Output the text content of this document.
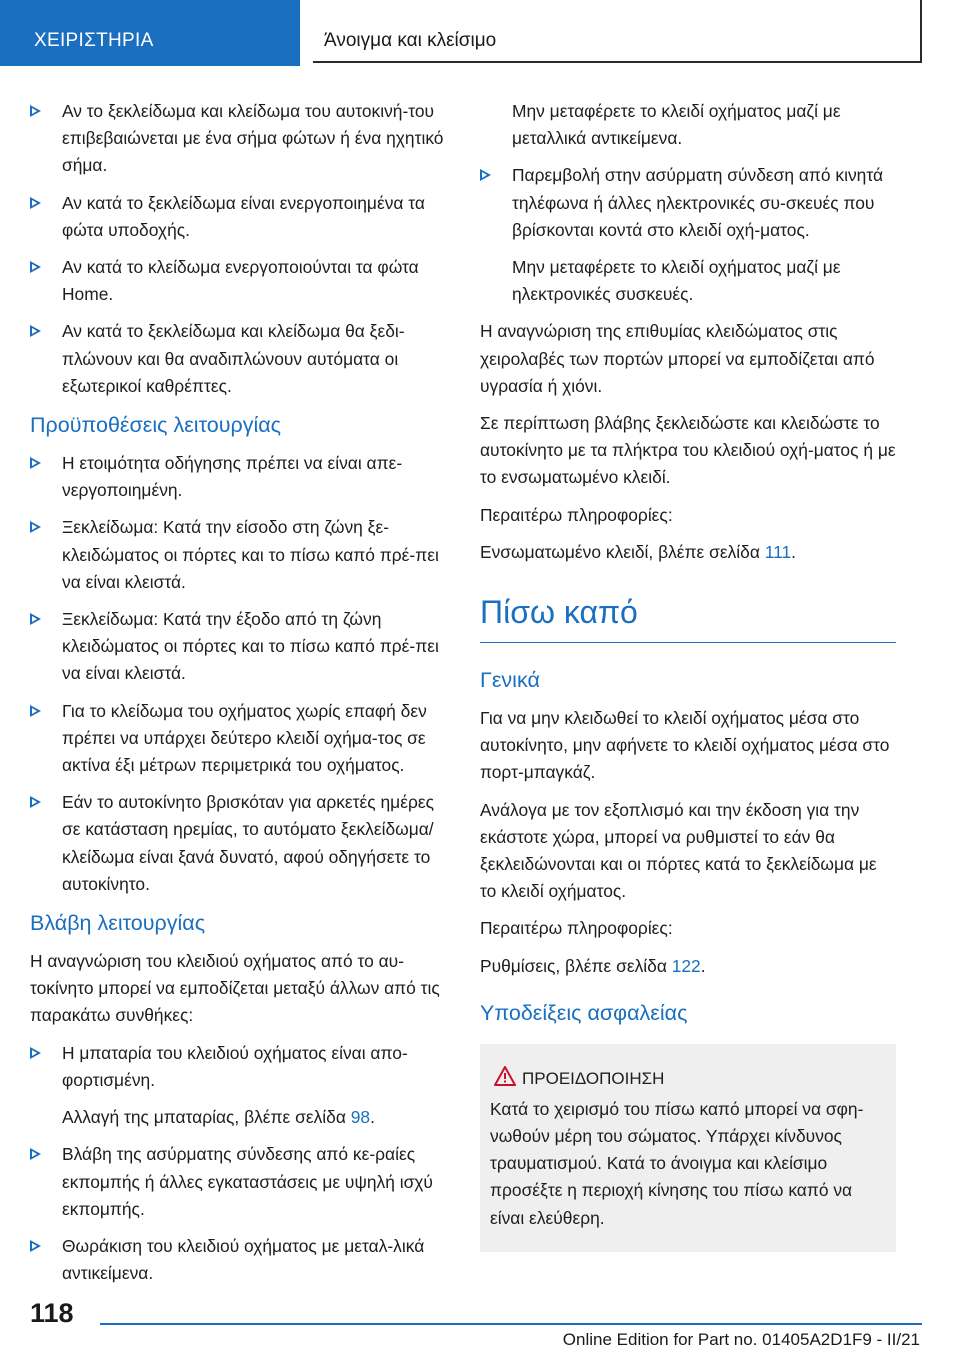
ΧΕΙΡΙΣΤΗΡΙΑ	Άνοιγμα και κλείσιμο
Αν το ξεκλείδωμα και κλείδωμα του αυτοκινή-του επιβεβαιώνεται με ένα σήμα φώτων ή ένα ηχητικό σήμα.
Αν κατά το ξεκλείδωμα είναι ενεργοποιημένα τα φώτα υποδοχής.
Αν κατά το κλείδωμα ενεργοποιούνται τα φώτα Home.
Αν κατά το ξεκλείδωμα και κλείδωμα θα ξεδι-πλώνουν και θα αναδιπλώνουν αυτόματα οι εξωτερικοί καθρέπτες.
Προϋποθέσεις λειτουργίας
Η ετοιμότητα οδήγησης πρέπει να είναι απε-νεργοποιημένη.
Ξεκλείδωμα: Κατά την είσοδο στη ζώνη ξε-κλειδώματος οι πόρτες και το πίσω καπό πρέ-πει να είναι κλειστά.
Ξεκλείδωμα: Κατά την έξοδο από τη ζώνη κλειδώματος οι πόρτες και το πίσω καπό πρέ-πει να είναι κλειστά.
Για το κλείδωμα του οχήματος χωρίς επαφή δεν πρέπει να υπάρχει δεύτερο κλειδί οχήμα-τος σε ακτίνα έξι μέτρων περιμετρικά του οχήματος.
Εάν το αυτοκίνητο βρισκόταν για αρκετές ημέρες σε κατάσταση ηρεμίας, το αυτόματο ξεκλείδωμα/κλείδωμα είναι ξανά δυνατό, αφού οδηγήσετε το αυτοκίνητο.
Βλάβη λειτουργίας

Η αναγνώριση του κλειδιού οχήματος από το αυ-τοκίνητο μπορεί να εμποδίζεται μεταξύ άλλων από τις παρακάτω συνθήκες:

Η μπαταρία του κλειδιού οχήματος είναι απο-φορτισμένη.
Αλλαγή της μπαταρίας, βλέπε σελίδα 98.
Βλάβη της ασύρματης σύνδεσης από κε-ραίες εκπομπής ή άλλες εγκαταστάσεις με υψηλή ισχύ εκπομπής.
Θωράκιση του κλειδιού οχήματος με μεταλ-λικά αντικείμενα.
Μην μεταφέρετε το κλειδί οχήματος μαζί με μεταλλικά αντικείμενα.
Παρεμβολή στην ασύρματη σύνδεση από κινητά τηλέφωνα ή άλλες ηλεκτρονικές συ-σκευές που βρίσκονται κοντά στο κλειδί οχή-ματος.
Μην μεταφέρετε το κλειδί οχήματος μαζί με ηλεκτρονικές συσκευές.

Η αναγνώριση της επιθυμίας κλειδώματος στις χειρολαβές των πορτών μπορεί να εμποδίζεται από υγρασία ή χιόνι.

Σε περίπτωση βλάβης ξεκλειδώστε και κλειδώστε το αυτοκίνητο με τα πλήκτρα του κλειδιού οχή-ματος ή με το ενσωματωμένο κλειδί.

Περαιτέρω πληροφορίες:

Ενσωματωμένο κλειδί, βλέπε σελίδα 111.

Πίσω καπό
Γενικά

Για να μην κλειδωθεί το κλειδί οχήματος μέσα στο αυτοκίνητο, μην αφήνετε το κλειδί οχήματος μέσα στο πορτ-μπαγκάζ.

Ανάλογα με τον εξοπλισμό και την έκδοση για την εκάστοτε χώρα, μπορεί να ρυθμιστεί το εάν θα ξεκλειδώνονται και οι πόρτες κατά το ξεκλείδωμα με το κλειδί οχήματος.

Περαιτέρω πληροφορίες:

Ρυθμίσεις, βλέπε σελίδα 122.

Υποδείξεις ασφαλείας
ΠΡΟΕΙΔΟΠΟΙΗΣΗ
Κατά το χειρισμό του πίσω καπό μπορεί να σφη-νωθούν μέρη του σώματος. Υπάρχει κίνδυνος τραυματισμού. Κατά το άνοιγμα και κλείσιμο προσέξτε η περιοχή κίνησης του πίσω καπό να είναι ελεύθερη.
118
Online Edition for Part no. 01405A2D1F9 - II/21
